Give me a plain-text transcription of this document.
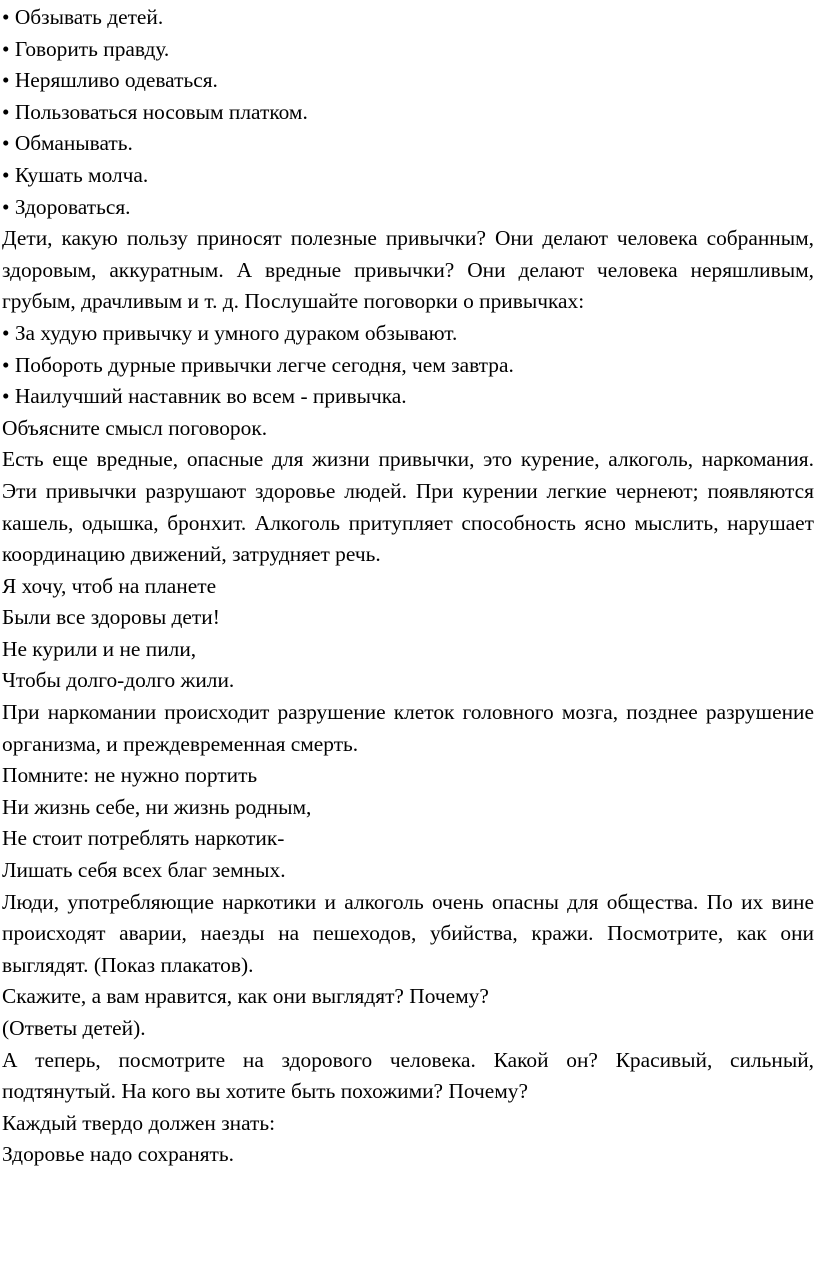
• Обзывать детей.
• Говорить правду.
• Неряшливо одеваться.
• Пользоваться носовым платком.
• Обманывать.
• Кушать молча.
• Здороваться.
Дети, какую пользу приносят полезные привычки? Они делают человека собранным, здоровым, аккуратным. А вредные привычки? Они делают человека неряшливым, грубым, драчливым и т. д. Послушайте поговорки о привычках:
• За худую привычку и умного дураком обзывают.
• Побороть дурные привычки легче сегодня, чем завтра.
• Наилучший наставник во всем - привычка.
Объясните смысл поговорок.
Есть еще вредные, опасные для жизни привычки, это курение, алкоголь, наркомания. Эти привычки разрушают здоровье людей. При курении легкие чернеют; появляются кашель, одышка, бронхит. Алкоголь притупляет способность ясно мыслить, нарушает координацию движений, затрудняет речь.
Я хочу, чтоб на планете
Были все здоровы дети!
Не курили и не пили,
Чтобы долго-долго жили.
При наркомании происходит разрушение клеток головного мозга, позднее разрушение организма, и преждевременная смерть.
Помните: не нужно портить
Ни жизнь себе, ни жизнь родным,
Не стоит потреблять наркотик-
Лишать себя всех благ земных.
Люди, употребляющие наркотики и алкоголь очень опасны для общества. По их вине происходят аварии, наезды на пешеходов, убийства, кражи. Посмотрите, как они выглядят. (Показ плакатов).
Скажите, а вам нравится, как они выглядят? Почему?
(Ответы детей).
А теперь, посмотрите на здорового человека. Какой он? Красивый, сильный, подтянутый. На кого вы хотите быть похожими? Почему?
Каждый твердо должен знать:
Здоровье надо сохранять.
